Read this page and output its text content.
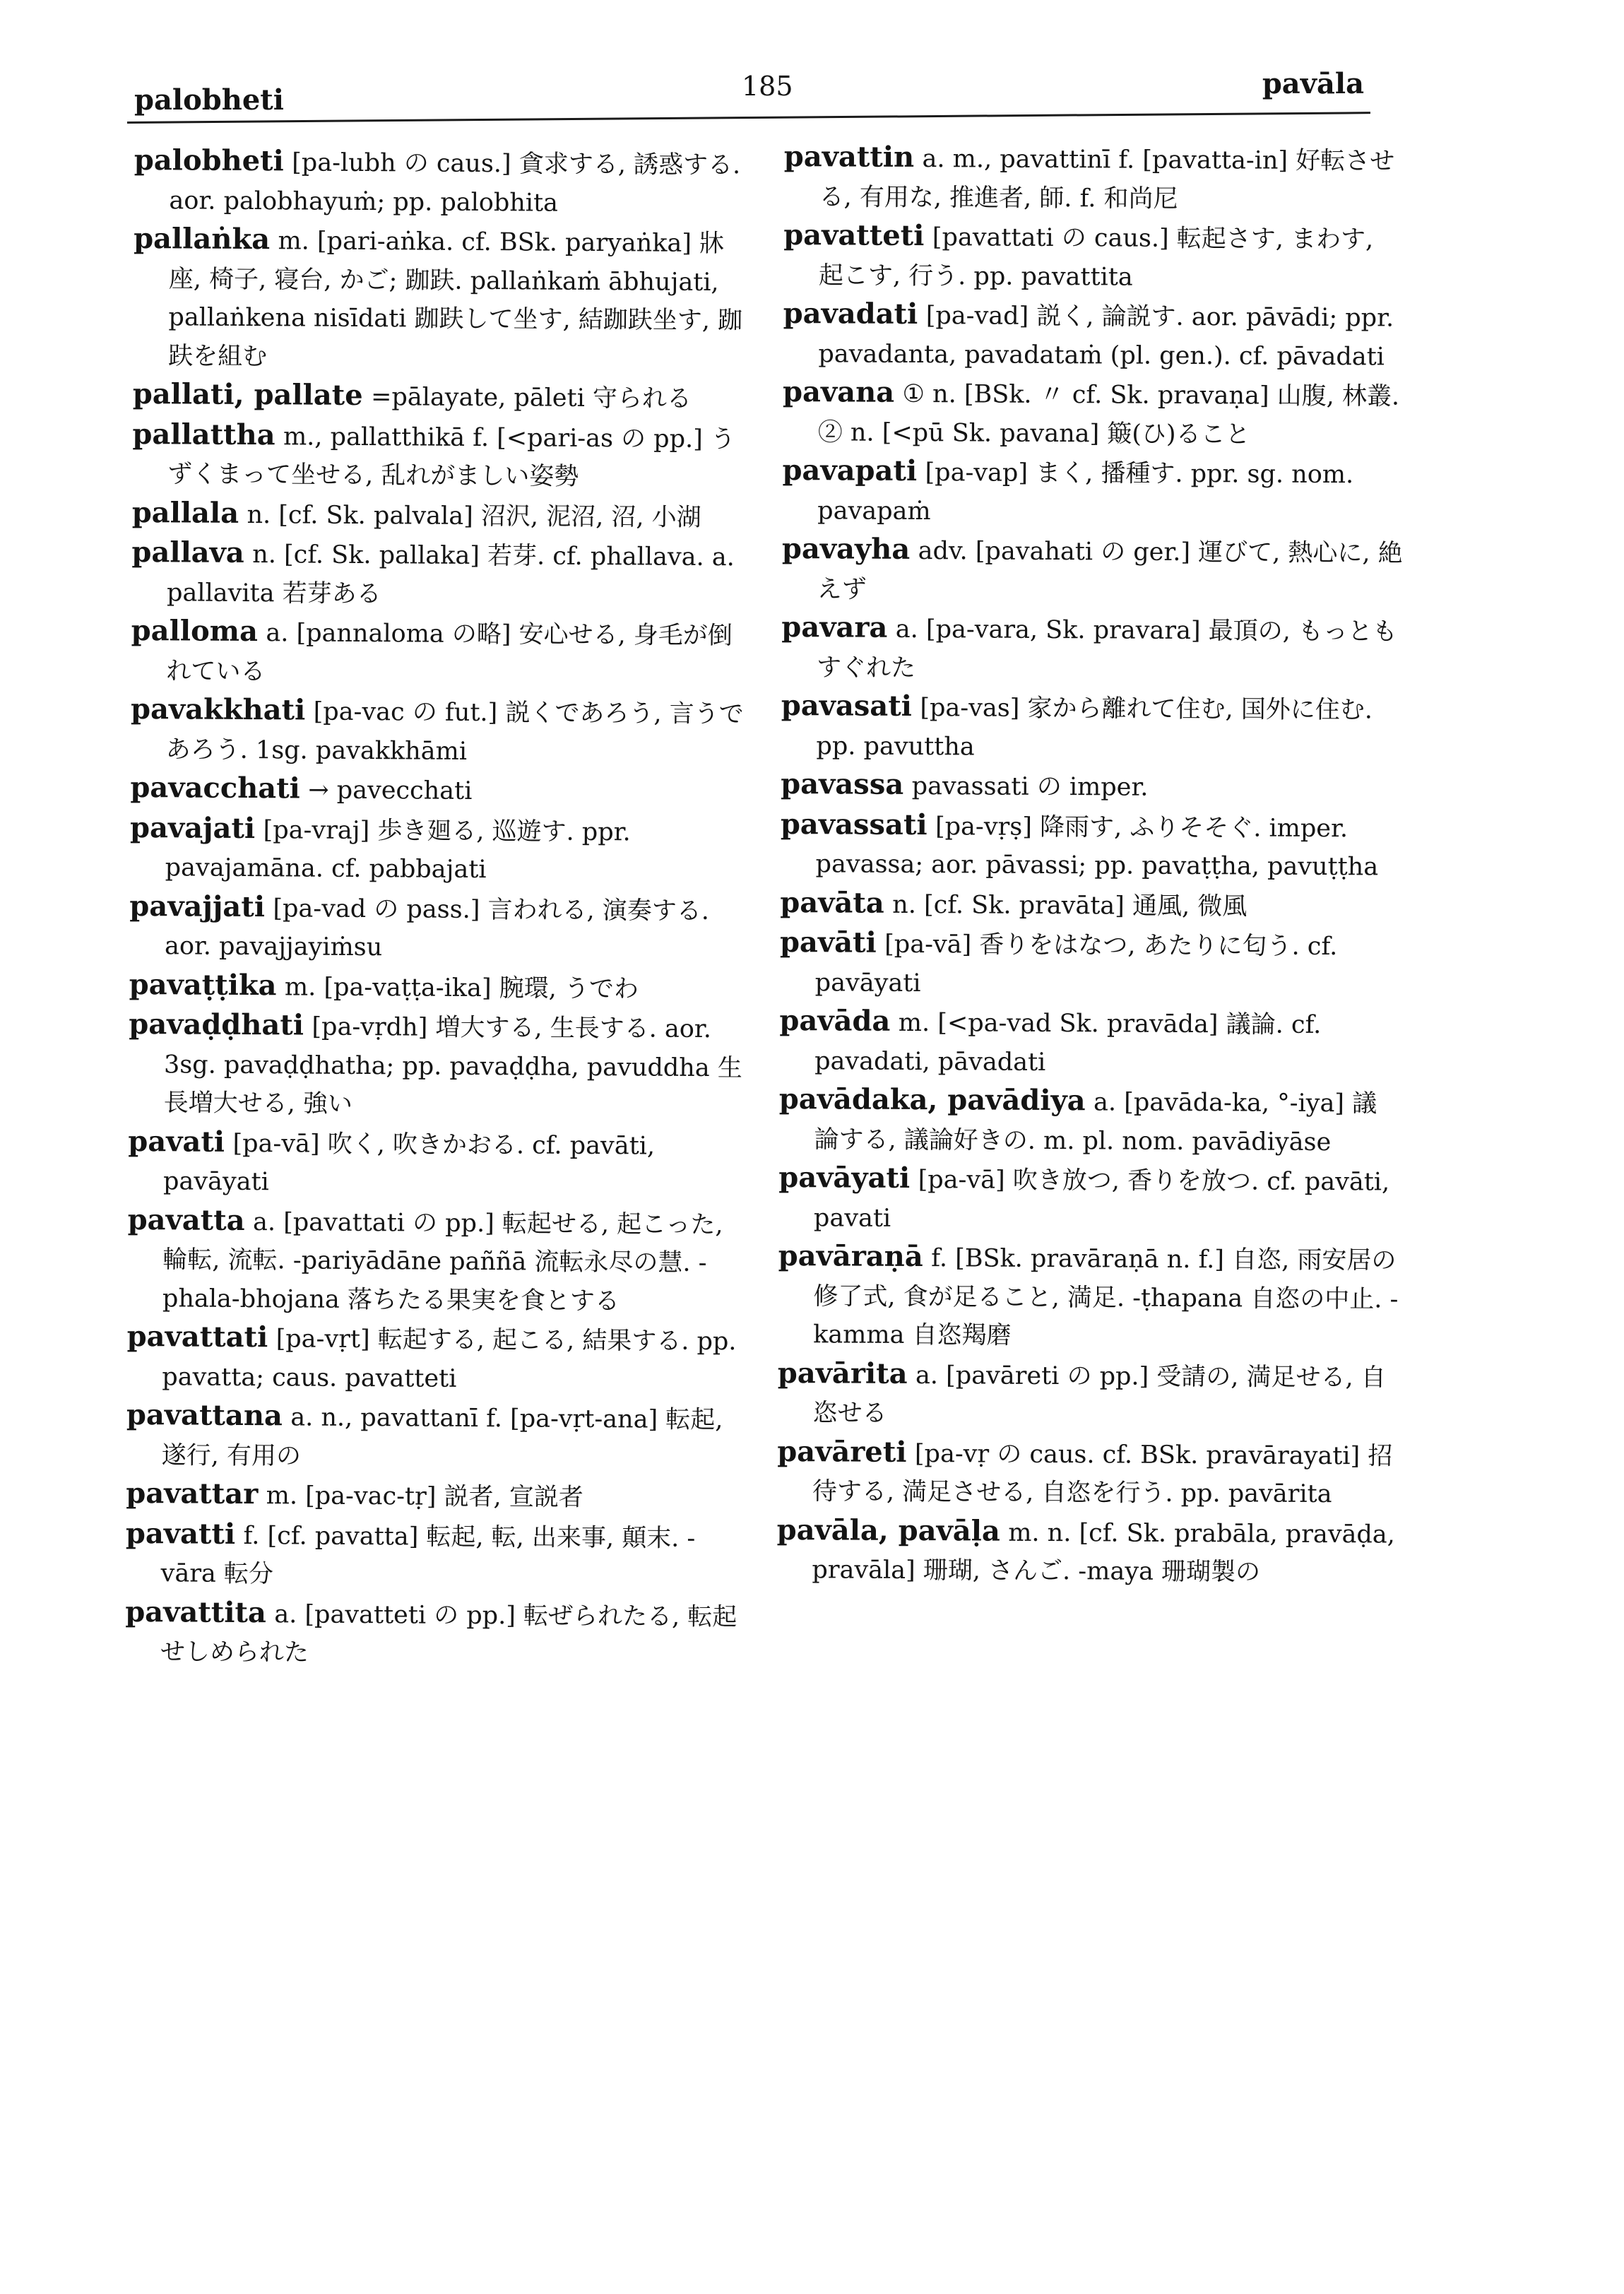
palobheti	185	pavāla
palobheti [pa-lubh の caus.] 貪求する, 誘惑する. aor. palobhayuṁ; pp. palobhita
pallaṅka m. [pari-aṅka. cf. BSk. paryaṅka] 牀座, 椅子, 寝台, かご; 跏趺. pallaṅkaṁ ābhujati, pallaṅkena nisīdati 跏趺して坐す, 結跏趺坐す, 跏趺を組む
pallati, pallate =pālayate, pāleti 守られる
pallattha m., pallatthikā f. [<pari-as の pp.] うずくまって坐せる, 乱れがましい姿勢
pallala n. [cf. Sk. palvala] 沼沢, 泥沼, 沼, 小湖
pallava n. [cf. Sk. pallaka] 若芽. cf. phallava. a. pallavita 若芽ある
palloma a. [pannaloma の略] 安心せる, 身毛が倒れている
pavakkhati [pa-vac の fut.] 説くであろう, 言うであろう. 1sg. pavakkhāmi
pavacchati → pavecchati
pavajati [pa-vraj] 歩き廻る, 巡遊す. ppr. pavajamāna. cf. pabbajati
pavajjati [pa-vad の pass.] 言われる, 演奏する. aor. pavajjayiṁsu
pavaṭṭika m. [pa-vaṭṭa-ika] 腕環, うでわ
pavaḍḍhati [pa-vṛdh] 増大する, 生長する. aor. 3sg. pavaḍḍhatha; pp. pavaḍḍha, pavuddha 生長増大せる, 強い
pavati [pa-vā] 吹く, 吹きかおる. cf. pavāti, pavāyati
pavatta a. [pavattati の pp.] 転起せる, 起こった, 輪転, 流転. -pariyādāne paññā 流転永尽の慧. -phala-bhojana 落ちたる果実を食とする
pavattati [pa-vṛt] 転起する, 起こる, 結果する. pp. pavatta; caus. pavatteti
pavattana a. n., pavattanī f. [pa-vṛt-ana] 転起, 遂行, 有用の
pavattar m. [pa-vac-tṛ] 説者, 宣説者
pavatti f. [cf. pavatta] 転起, 転, 出来事, 顛末. -vāra 転分
pavattita a. [pavatteti の pp.] 転ぜられたる, 転起せしめられた
pavattin a. m., pavattinī f. [pavatta-in] 好転させる, 有用な, 推進者, 師. f. 和尚尼
pavatteti [pavattati の caus.] 転起さす, まわす, 起こす, 行う. pp. pavattita
pavadati [pa-vad] 説く, 論説す. aor. pāvādi; ppr. pavadanta, pavadataṁ (pl. gen.). cf. pāvadati
pavana ① n. [BSk. 〃 cf. Sk. pravaṇa] 山腹, 林叢. ② n. [<pū Sk. pavana] 簸(ひ)ること
pavapati [pa-vap] まく, 播種す. ppr. sg. nom. pavapaṁ
pavayha adv. [pavahati の ger.] 運びて, 熱心に, 絶えず
pavara a. [pa-vara, Sk. pravara] 最頂の, もっともすぐれた
pavasati [pa-vas] 家から離れて住む, 国外に住む. pp. pavuttha
pavassa pavassati の imper.
pavassati [pa-vṛṣ] 降雨す, ふりそそぐ. imper. pavassa; aor. pāvassi; pp. pavaṭṭha, pavuṭṭha
pavāta n. [cf. Sk. pravāta] 通風, 微風
pavāti [pa-vā] 香りをはなつ, あたりに匂う. cf. pavāyati
pavāda m. [<pa-vad Sk. pravāda] 議論. cf. pavadati, pāvadati
pavādaka, pavādiya a. [pavāda-ka, °-iya] 議論する, 議論好きの. m. pl. nom. pavādiyāse
pavāyati [pa-vā] 吹き放つ, 香りを放つ. cf. pavāti, pavati
pavāraṇā f. [BSk. pravāraṇā n. f.] 自恣, 雨安居の修了式, 食が足ること, 満足. -ṭhapana 自恣の中止. -kamma 自恣羯磨
pavārita a. [pavāreti の pp.] 受請の, 満足せる, 自恣せる
pavāreti [pa-vṛ の caus. cf. BSk. pravārayati] 招待する, 満足させる, 自恣を行う. pp. pavārita
pavāla, pavāḷa m. n. [cf. Sk. prabāla, pravāḍa, pravāla] 珊瑚, さんご. -maya 珊瑚製の
